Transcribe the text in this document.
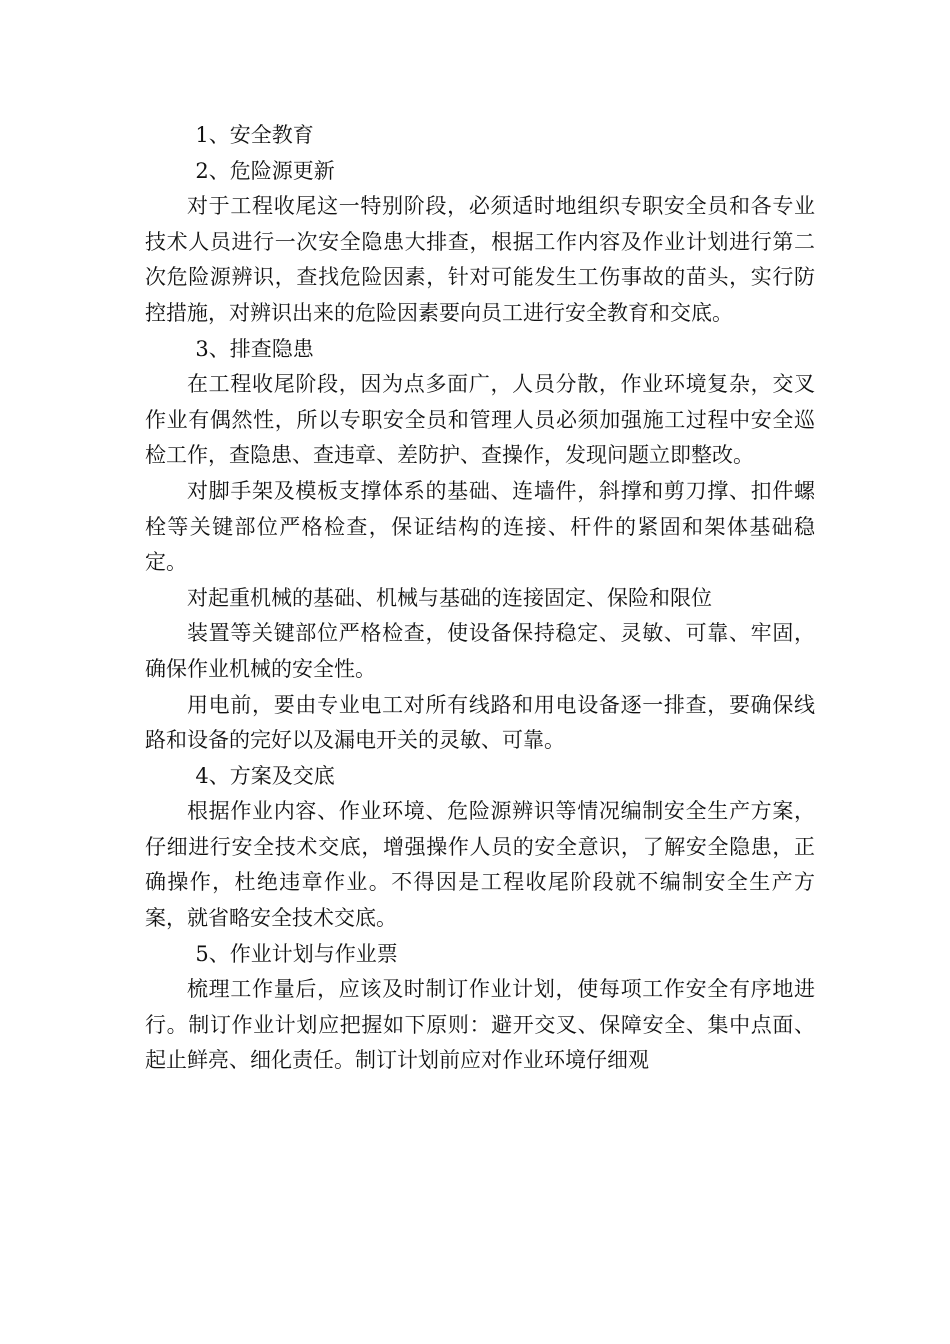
1、安全教育

2、危险源更新

对于工程收尾这一特别阶段，必须适时地组织专职安全员和各专业技术人员进行一次安全隐患大排查，根据工作内容及作业计划进行第二次危险源辨识，查找危险因素，针对可能发生工伤事故的苗头，实行防控措施，对辨识出来的危险因素要向员工进行安全教育和交底。

3、排查隐患

在工程收尾阶段，因为点多面广，人员分散，作业环境复杂，交叉作业有偶然性，所以专职安全员和管理人员必须加强施工过程中安全巡检工作，查隐患、查违章、差防护、查操作，发现问题立即整改。

对脚手架及模板支撑体系的基础、连墙件，斜撑和剪刀撑、扣件螺栓等关键部位严格检查，保证结构的连接、杆件的紧固和架体基础稳定。

对起重机械的基础、机械与基础的连接固定、保险和限位

装置等关键部位严格检查，使设备保持稳定、灵敏、可靠、牢固，确保作业机械的安全性。

用电前，要由专业电工对所有线路和用电设备逐一排查，要确保线路和设备的完好以及漏电开关的灵敏、可靠。

4、方案及交底

根据作业内容、作业环境、危险源辨识等情况编制安全生产方案，仔细进行安全技术交底，增强操作人员的安全意识，了解安全隐患，正确操作，杜绝违章作业。不得因是工程收尾阶段就不编制安全生产方案，就省略安全技术交底。

5、作业计划与作业票

梳理工作量后，应该及时制订作业计划，使每项工作安全有序地进行。制订作业计划应把握如下原则：避开交叉、保障安全、集中点面、起止鲜亮、细化责任。制订计划前应对作业环境仔细观
